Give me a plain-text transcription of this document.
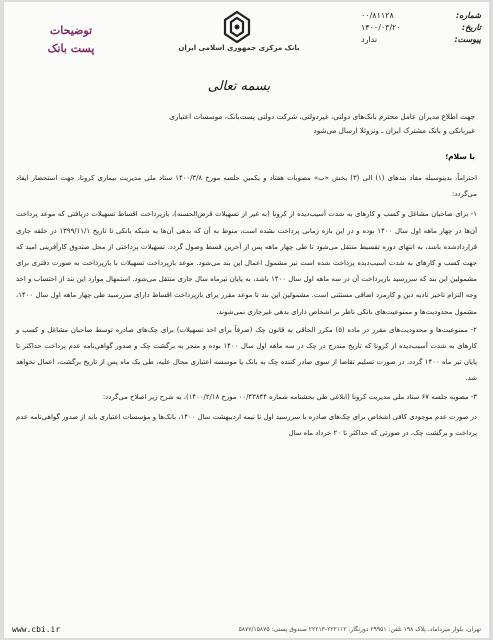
توضیحات
پست بانک	بانک مرکزی جمهوری اسلامی ایران
شماره:
۰۰/۸۱۱۲۸
تاریخ:
۱۴۰۰/۰۳/۲۰
پیوست:
ندارد
بسمه تعالی
جهت اطلاع مدیران عامل محترم بانک‌های دولتی، غیردولتی، شرکت دولتی پست‌بانک، موسسات اعتباری
غیربانکی و بانک مشترک ایران ـ ونزوئلا ارسال می‌شود
با سلام؛

احتراماً، بدینوسیله مفاد بندهای (۱) الی (۳) بخش «ب» مصوبات هفتاد و یکمین جلسه مورخ ۱۴۰۰/۳/۸ ستاد ملی مدیریت بیماری کرونا، جهت استحضار ایفاد می‌گردد:

۱- برای صاحبان مشاغل و کسب و کارهای به شدت آسیب‌دیده از کرونا (به غیر از تسهیلات قرض‌الحسنه)، بازپرداخت اقساط تسهیلات دریافتی که موعد پرداخت آن‌ها در چهار ماهه اول سال ۱۴۰۰ بوده و در این بازه زمانی پرداخت نشده است، منوط به آن که بدهی آن‌ها به شبکه بانکی تا تاریخ ۱۳۹۹/۱۱/۱ در حلقه جاری قراردادشده باشد، به انتهای دوره تقسیط منتقل می‌شود تا طی چهار ماهه پس از آخرین قسط وصول گردد. تسهیلات پرداختی از محل صندوق کارآفرینی امید که جهت کسب و کارهای به شدت آسیب‌دیده پرداخت شده است نیز مشمول اعمال این بند می‌شود. موعد بازپرداخت تسهیلات با بازپرداخت به صورت دفتری برای مشمولین این بند که سررسید بازپرداخت آن در سه ماهه اول سال ۱۴۰۰ باشد، به پایان تیرماه سال جاری منتقل می‌شود. استمهال موارد این بند از احتساب و اخذ وجه التزام تاخیر تادیه دین و کارمزد اضافی مستثنی است. مشمولین این بند تا موعد مقرر برای بازپرداخت اقساط دارای سررسید طی چهار ماهه اول سال ۱۴۰۰، مشمول محدودیت‌ها و ممنوعیت‌های بانکی ناظر بر اشخاص دارای بدهی غیرجاری نمی‌شوند.

۲- ممنوعیت‌ها و محدودیت‌های مقرر در ماده (۵) مکرر الحاقی به قانون چک (صرفاً برای اخذ تسهیلات) برای چک‌های صادره توسط صاحبان مشاغل و کسب و کارهای به شدت آسیب‌دیده از کرونا که تاریخ مندرج در چک در سه ماهه اول سال ۱۴۰۰ بوده و منجر به برگشت چک و صدور گواهی‌نامه عدم پرداخت حداکثر تا پایان تیر ماه ۱۴۰۰ گردد، در صورت تسلیم تقاضا از سوی صادر کننده چک به بانک یا موسسه اعتباری محال علیه، طی یک ماه پس از تاریخ برگشت، اعمال نخواهد شد.

۳- مصوبه جلسه ۶۷ ستاد ملی مدیریت کرونا (ابلاغی طی بخشنامه شماره ۰۰/۴۳۸۴۴ مورخ ۱۴۰۰/۲/۱۸)، به شرح زیر اصلاح می‌گردد:

در صورت عدم موجودی کافی اشخاص برای چک‌های صادره با سررسید اول تا نیمه اردیبهشت سال ۱۴۰۰، بانک‌ها و مؤسسات اعتباری باید از صدور گواهی‌نامه عدم پرداخت و برگشت چک، در صورتی که حداکثر تا ۲۰ خرداد ماه سال

www.cbi.ir	تهران، بلوار میرداماد، پلاک ۱۹۸ تلفن: ۲۹۹۵۱ دورنگار: ۲۲۲۱۱۲-۲۲۲۱۳ صندوق پستی: ۵۸۷۷/۱۵۸۷۵
